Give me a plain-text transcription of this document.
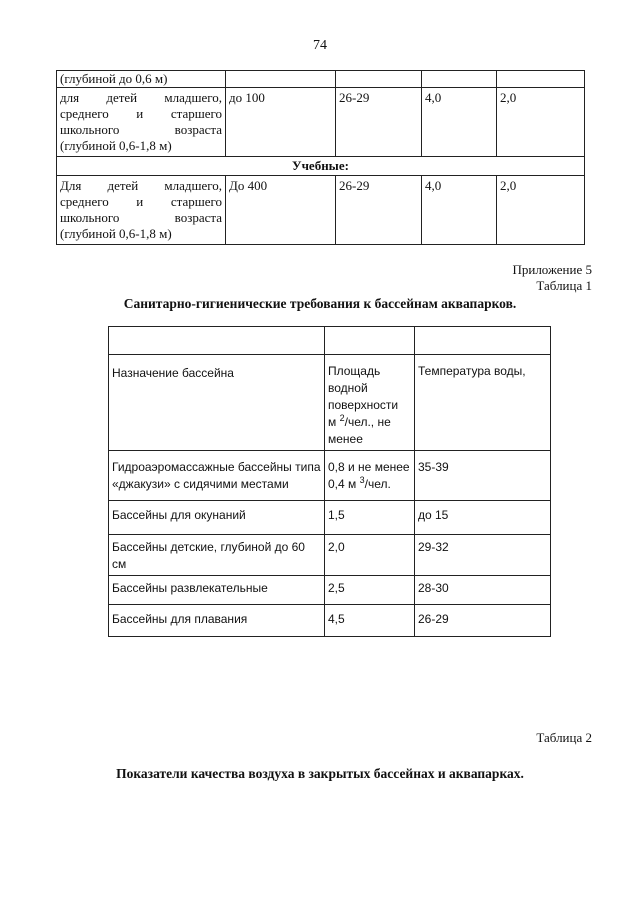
74
(глубиной до 0,6 м)				

для детей младшего,
среднего и старшего
школьного возраста
(глубиной 0,6-1,8 м)	до 100	26-29	4,0	2,0
Учебные:				

Для детей младшего,
среднего и старшего
школьного возраста
(глубиной 0,6-1,8 м)	До 400	26-29	4,0	2,0
Приложение 5
Таблица 1
Санитарно-гигиенические требования к бассейнам аквапарков.

Назначение бассейна	Площадь
водной
поверхности
м $^2$/чел., не
менее	Температура воды,
Гидроаэромассажные бассейны типа «джакузи» с сидячими местами	0,8 и не менее
0,4 м $^3$/чел.	35-39
Бассейны для окунаний	1,5	до 15
Бассейны детские, глубиной до 60 см	2,0	29-32
Бассейны развлекательные	2,5	28-30
Бассейны для плавания	4,5	26-29
Таблица 2
Показатели качества воздуха в закрытых бассейнах и аквапарках.
